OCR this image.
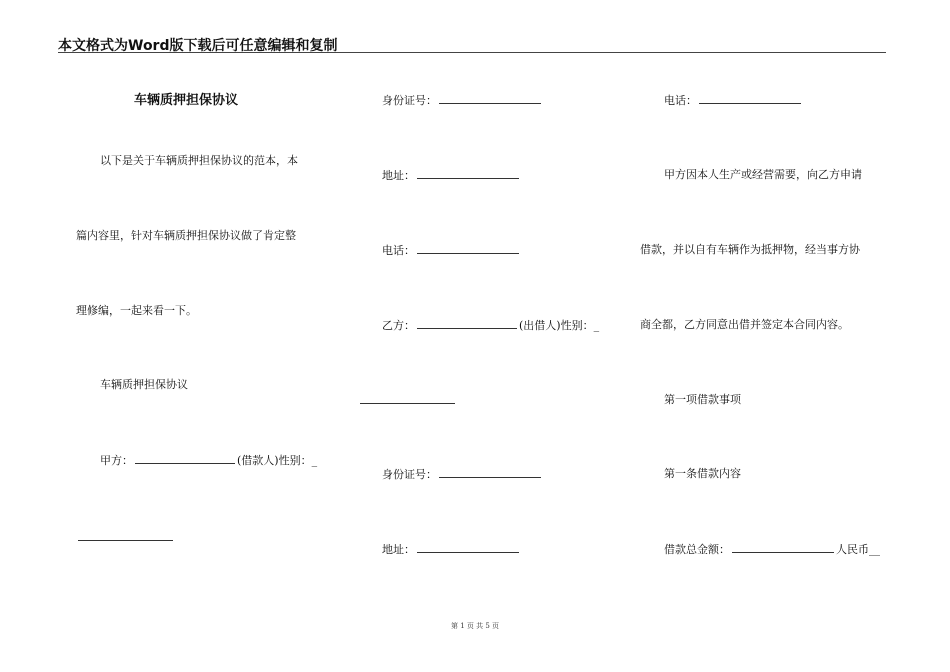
本文格式为Word版下载后可任意编辑和复制
车辆质押担保协议
以下是关于车辆质押担保协议的范本，本
篇内容里，针对车辆质押担保协议做了肯定整
理修编，一起来看一下。
车辆质押担保协议
甲方：	(借款人)性别：_
身份证号：
地址：
电话：
乙方：	(出借人)性别：_
身份证号：
地址：
电话：
甲方因本人生产或经营需要，向乙方申请
借款，并以自有车辆作为抵押物，经当事方协
商全都，乙方同意出借并签定本合同内容。
第一项借款事项
第一条借款内容
借款总金额：	人民币__
第 1 页 共 5 页
